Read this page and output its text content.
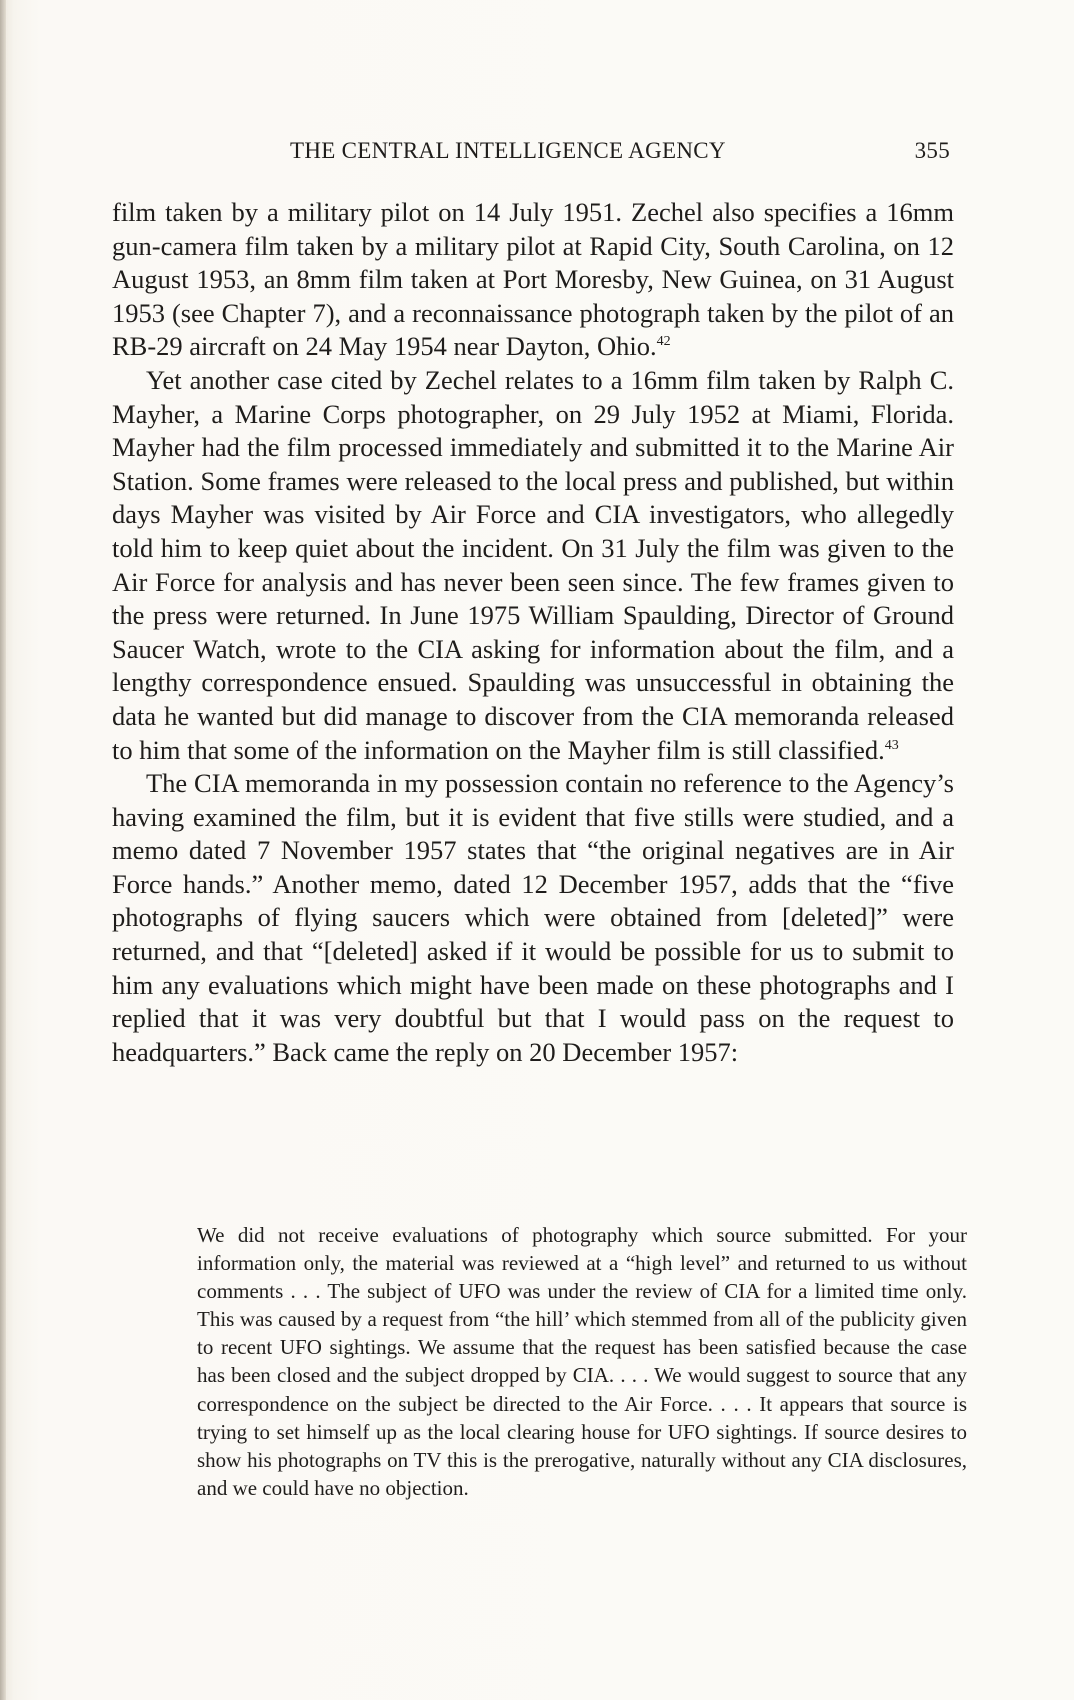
THE CENTRAL INTELLIGENCE AGENCY	355

film taken by a military pilot on 14 July 1951. Zechel also specifies a 16mm gun-camera film taken by a military pilot at Rapid City, South Carolina, on 12 August 1953, an 8mm film taken at Port Moresby, New Guinea, on 31 August 1953 (see Chapter 7), and a reconnaissance photograph taken by the pilot of an RB-29 aircraft on 24 May 1954 near Dayton, Ohio.$^{42}$

Yet another case cited by Zechel relates to a 16mm film taken by Ralph C. Mayher, a Marine Corps photographer, on 29 July 1952 at Miami, Florida. Mayher had the film processed immediately and submitted it to the Marine Air Station. Some frames were released to the local press and published, but within days Mayher was visited by Air Force and CIA investigators, who allegedly told him to keep quiet about the incident. On 31 July the film was given to the Air Force for analysis and has never been seen since. The few frames given to the press were returned. In June 1975 William Spaulding, Director of Ground Saucer Watch, wrote to the CIA asking for information about the film, and a lengthy correspondence ensued. Spaulding was unsuccessful in obtaining the data he wanted but did manage to discover from the CIA memoranda released to him that some of the information on the Mayher film is still classified.$^{43}$

The CIA memoranda in my possession contain no reference to the Agency’s having examined the film, but it is evident that five stills were studied, and a memo dated 7 November 1957 states that “the original negatives are in Air Force hands.” Another memo, dated 12 December 1957, adds that the “five photographs of flying saucers which were obtained from [deleted]” were returned, and that “[deleted] asked if it would be possible for us to submit to him any evaluations which might have been made on these photographs and I replied that it was very doubtful but that I would pass on the request to headquarters.” Back came the reply on 20 December 1957:

We did not receive evaluations of photography which source submitted. For your information only, the material was reviewed at a “high level” and returned to us without comments . . . The subject of UFO was under the review of CIA for a limited time only. This was caused by a request from “the hill’ which stemmed from all of the publicity given to recent UFO sightings. We assume that the request has been satisfied because the case has been closed and the subject dropped by CIA. . . . We would suggest to source that any correspondence on the subject be directed to the Air Force. . . . It appears that source is trying to set himself up as the local clearing house for UFO sightings. If source desires to show his photographs on TV this is the prerogative, naturally without any CIA disclosures, and we could have no objection.
